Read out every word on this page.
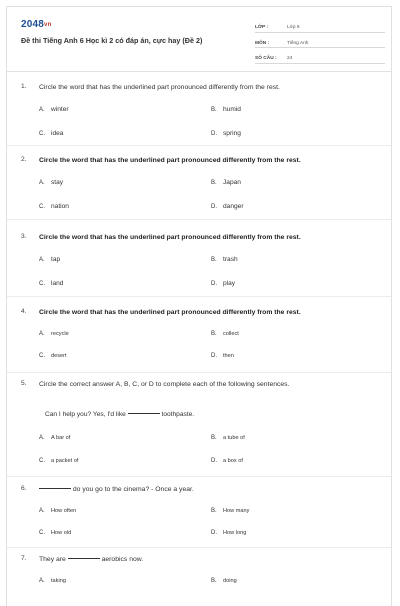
2048vn
Đề thi Tiếng Anh 6 Học kì 2 có đáp án, cực hay (Đề 2)
LỚP :	Lớp 6
MÔN :	Tiếng Anh
SỐ CÂU :	24
1. Circle the word that has the underlined part pronounced differently from the rest.
A. winter	B. humid
C. idea	D. spring
2. Circle the word that has the underlined part pronounced differently from the rest.
A. stay	B. Japan
C. nation	D. danger
3. Circle the word that has the underlined part pronounced differently from the rest.
A. tap	B. trash
C. land	D. play
4. Circle the word that has the underlined part pronounced differently from the rest.
A. recycle	B. collect
C. desert	D. then
5. Circle the correct answer A, B, C, or D to complete each of the following sentences.
Can I help you? Yes, I'd like	toothpaste.
A. A bar of	B. a tube of
C. a packet of	D. a box of
6.	do you go to the cinema? - Once a year.
A. How often	B. How many
C. How old	D. How long
7. They are	aerobics now.
A. taking	B. doing
